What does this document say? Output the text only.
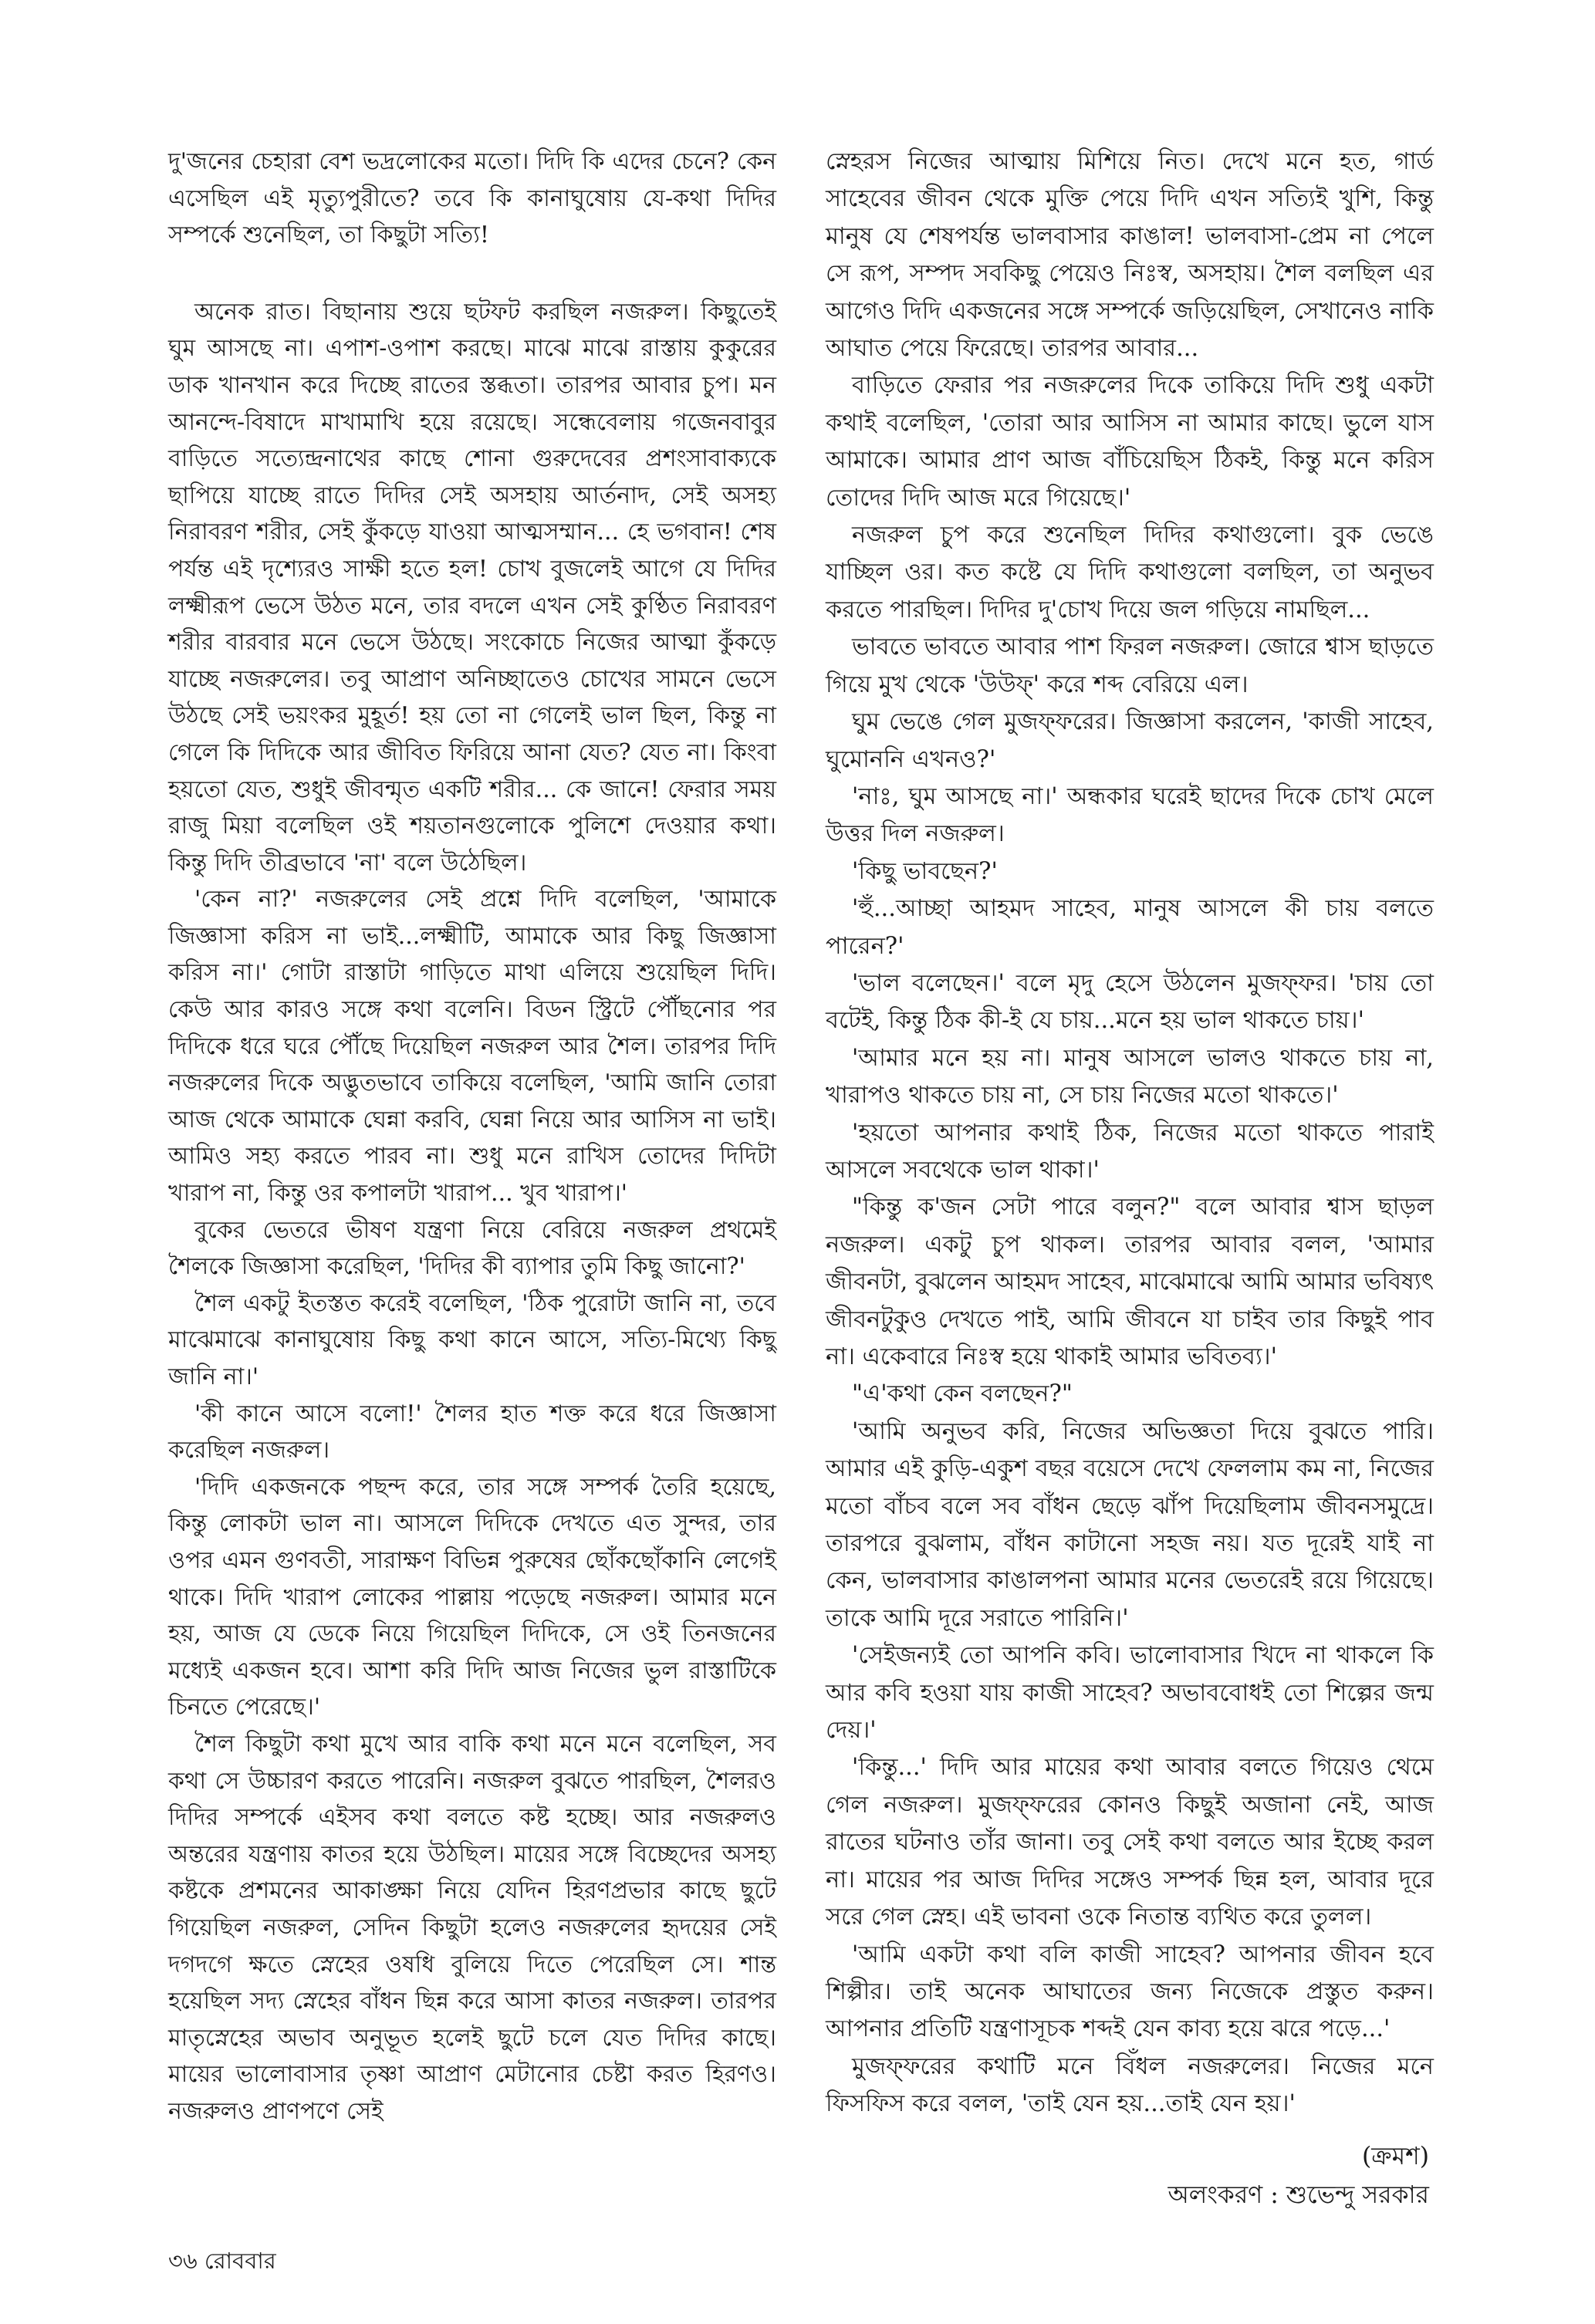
দু'জনের চেহারা বেশ ভদ্রলোকের মতো। দিদি কি এদের চেনে? কেন এসেছিল এই মৃত্যুপুরীতে? তবে কি কানাঘুষোয় যে-কথা দিদির সম্পর্কে শুনেছিল, তা কিছুটা সত্যি!

অনেক রাত। বিছানায় শুয়ে ছটফট করছিল নজরুল। কিছুতেই ঘুম আসছে না। এপাশ-ওপাশ করছে। মাঝে মাঝে রাস্তায় কুকুরের ডাক খানখান করে দিচ্ছে রাতের স্তব্ধতা। তারপর আবার চুপ। মন আনন্দে-বিষাদে মাখামাখি হয়ে রয়েছে। সন্ধেবেলায় গজেনবাবুর বাড়িতে সত্যেন্দ্রনাথের কাছে শোনা গুরুদেবের প্রশংসাবাক্যকে ছাপিয়ে যাচ্ছে রাতে দিদির সেই অসহায় আর্তনাদ, সেই অসহ্য নিরাবরণ শরীর, সেই কুঁকড়ে যাওয়া আত্মসম্মান... হে ভগবান! শেষ পর্যন্ত এই দৃশ্যেরও সাক্ষী হতে হল! চোখ বুজলেই আগে যে দিদির লক্ষ্মীরূপ ভেসে উঠত মনে, তার বদলে এখন সেই কুণ্ঠিত নিরাবরণ শরীর বারবার মনে ভেসে উঠছে। সংকোচে নিজের আত্মা কুঁকড়ে যাচ্ছে নজরুলের। তবু আপ্রাণ অনিচ্ছাতেও চোখের সামনে ভেসে উঠছে সেই ভয়ংকর মুহূর্ত! হয় তো না গেলেই ভাল ছিল, কিন্তু না গেলে কি দিদিকে আর জীবিত ফিরিয়ে আনা যেত? যেত না। কিংবা হয়তো যেত, শুধুই জীবন্মৃত একটি শরীর... কে জানে! ফেরার সময় রাজু মিয়া বলেছিল ওই শয়তানগুলোকে পুলিশে দেওয়ার কথা। কিন্তু দিদি তীব্রভাবে 'না' বলে উঠেছিল।

'কেন না?' নজরুলের সেই প্রশ্নে দিদি বলেছিল, 'আমাকে জিজ্ঞাসা করিস না ভাই...লক্ষ্মীটি, আমাকে আর কিছু জিজ্ঞাসা করিস না।' গোটা রাস্তাটা গাড়িতে মাথা এলিয়ে শুয়েছিল দিদি। কেউ আর কারও সঙ্গে কথা বলেনি। বিডন স্ট্রিটে পৌঁছনোর পর দিদিকে ধরে ঘরে পৌঁছে দিয়েছিল নজরুল আর শৈল। তারপর দিদি নজরুলের দিকে অদ্ভুতভাবে তাকিয়ে বলেছিল, 'আমি জানি তোরা আজ থেকে আমাকে ঘেন্না করবি, ঘেন্না নিয়ে আর আসিস না ভাই। আমিও সহ্য করতে পারব না। শুধু মনে রাখিস তোদের দিদিটা খারাপ না, কিন্তু ওর কপালটা খারাপ... খুব খারাপ।'

বুকের ভেতরে ভীষণ যন্ত্রণা নিয়ে বেরিয়ে নজরুল প্রথমেই শৈলকে জিজ্ঞাসা করেছিল, 'দিদির কী ব্যাপার তুমি কিছু জানো?'

শৈল একটু ইতস্তত করেই বলেছিল, 'ঠিক পুরোটা জানি না, তবে মাঝেমাঝে কানাঘুষোয় কিছু কথা কানে আসে, সত্যি-মিথ্যে কিছু জানি না।'

'কী কানে আসে বলো!' শৈলর হাত শক্ত করে ধরে জিজ্ঞাসা করেছিল নজরুল।

'দিদি একজনকে পছন্দ করে, তার সঙ্গে সম্পর্ক তৈরি হয়েছে, কিন্তু লোকটা ভাল না। আসলে দিদিকে দেখতে এত সুন্দর, তার ওপর এমন গুণবতী, সারাক্ষণ বিভিন্ন পুরুষের ছোঁকছোঁকানি লেগেই থাকে। দিদি খারাপ লোকের পাল্লায় পড়েছে নজরুল। আমার মনে হয়, আজ যে ডেকে নিয়ে গিয়েছিল দিদিকে, সে ওই তিনজনের মধ্যেই একজন হবে। আশা করি দিদি আজ নিজের ভুল রাস্তাটিকে চিনতে পেরেছে।'

শৈল কিছুটা কথা মুখে আর বাকি কথা মনে মনে বলেছিল, সব কথা সে উচ্চারণ করতে পারেনি। নজরুল বুঝতে পারছিল, শৈলরও দিদির সম্পর্কে এইসব কথা বলতে কষ্ট হচ্ছে। আর নজরুলও অন্তরের যন্ত্রণায় কাতর হয়ে উঠছিল। মায়ের সঙ্গে বিচ্ছেদের অসহ্য কষ্টকে প্রশমনের আকাঙ্ক্ষা নিয়ে যেদিন হিরণপ্রভার কাছে ছুটে গিয়েছিল নজরুল, সেদিন কিছুটা হলেও নজরুলের হৃদয়ের সেই দগদগে ক্ষতে স্নেহের ওষধি বুলিয়ে দিতে পেরেছিল সে। শান্ত হয়েছিল সদ্য স্নেহের বাঁধন ছিন্ন করে আসা কাতর নজরুল। তারপর মাতৃস্নেহের অভাব অনুভূত হলেই ছুটে চলে যেত দিদির কাছে। মায়ের ভালোবাসার তৃষ্ণা আপ্রাণ মেটানোর চেষ্টা করত হিরণও। নজরুলও প্রাণপণে সেই

স্নেহরস নিজের আত্মায় মিশিয়ে নিত। দেখে মনে হত, গার্ড সাহেবের জীবন থেকে মুক্তি পেয়ে দিদি এখন সত্যিই খুশি, কিন্তু মানুষ যে শেষপর্যন্ত ভালবাসার কাঙাল! ভালবাসা-প্রেম না পেলে সে রূপ, সম্পদ সবকিছু পেয়েও নিঃস্ব, অসহায়। শৈল বলছিল এর আগেও দিদি একজনের সঙ্গে সম্পর্কে জড়িয়েছিল, সেখানেও নাকি আঘাত পেয়ে ফিরেছে। তারপর আবার...

বাড়িতে ফেরার পর নজরুলের দিকে তাকিয়ে দিদি শুধু একটা কথাই বলেছিল, 'তোরা আর আসিস না আমার কাছে। ভুলে যাস আমাকে। আমার প্রাণ আজ বাঁচিয়েছিস ঠিকই, কিন্তু মনে করিস তোদের দিদি আজ মরে গিয়েছে।'

নজরুল চুপ করে শুনেছিল দিদির কথাগুলো। বুক ভেঙে যাচ্ছিল ওর। কত কষ্টে যে দিদি কথাগুলো বলছিল, তা অনুভব করতে পারছিল। দিদির দু'চোখ দিয়ে জল গড়িয়ে নামছিল...

ভাবতে ভাবতে আবার পাশ ফিরল নজরুল। জোরে শ্বাস ছাড়তে গিয়ে মুখ থেকে 'উউফ্' করে শব্দ বেরিয়ে এল।

ঘুম ভেঙে গেল মুজফ্ফরের। জিজ্ঞাসা করলেন, 'কাজী সাহেব, ঘুমোননি এখনও?'

'নাঃ, ঘুম আসছে না।' অন্ধকার ঘরেই ছাদের দিকে চোখ মেলে উত্তর দিল নজরুল।

'কিছু ভাবছেন?'

'হুঁ...আচ্ছা আহমদ সাহেব, মানুষ আসলে কী চায় বলতে পারেন?'

'ভাল বলেছেন।' বলে মৃদু হেসে উঠলেন মুজফ্ফর। 'চায় তো বটেই, কিন্তু ঠিক কী-ই যে চায়...মনে হয় ভাল থাকতে চায়।'

'আমার মনে হয় না। মানুষ আসলে ভালও থাকতে চায় না, খারাপও থাকতে চায় না, সে চায় নিজের মতো থাকতে।'

'হয়তো আপনার কথাই ঠিক, নিজের মতো থাকতে পারাই আসলে সবথেকে ভাল থাকা।'

"কিন্তু ক'জন সেটা পারে বলুন?" বলে আবার শ্বাস ছাড়ল নজরুল। একটু চুপ থাকল। তারপর আবার বলল, 'আমার জীবনটা, বুঝলেন আহমদ সাহেব, মাঝেমাঝে আমি আমার ভবিষ্যৎ জীবনটুকুও দেখতে পাই, আমি জীবনে যা চাইব তার কিছুই পাব না। একেবারে নিঃস্ব হয়ে থাকাই আমার ভবিতব্য।'

"এ'কথা কেন বলছেন?"

'আমি অনুভব করি, নিজের অভিজ্ঞতা দিয়ে বুঝতে পারি। আমার এই কুড়ি-একুশ বছর বয়েসে দেখে ফেললাম কম না, নিজের মতো বাঁচব বলে সব বাঁধন ছেড়ে ঝাঁপ দিয়েছিলাম জীবনসমুদ্রে। তারপরে বুঝলাম, বাঁধন কাটানো সহজ নয়। যত দূরেই যাই না কেন, ভালবাসার কাঙালপনা আমার মনের ভেতরেই রয়ে গিয়েছে। তাকে আমি দূরে সরাতে পারিনি।'

'সেইজন্যই তো আপনি কবি। ভালোবাসার খিদে না থাকলে কি আর কবি হওয়া যায় কাজী সাহেব? অভাববোধই তো শিল্পের জন্ম দেয়।'

'কিন্তু...' দিদি আর মায়ের কথা আবার বলতে গিয়েও থেমে গেল নজরুল। মুজফ্ফরের কোনও কিছুই অজানা নেই, আজ রাতের ঘটনাও তাঁর জানা। তবু সেই কথা বলতে আর ইচ্ছে করল না। মায়ের পর আজ দিদির সঙ্গেও সম্পর্ক ছিন্ন হল, আবার দূরে সরে গেল স্নেহ। এই ভাবনা ওকে নিতান্ত ব্যথিত করে তুলল।

'আমি একটা কথা বলি কাজী সাহেব? আপনার জীবন হবে শিল্পীর। তাই অনেক আঘাতের জন্য নিজেকে প্রস্তুত করুন। আপনার প্রতিটি যন্ত্রণাসূচক শব্দই যেন কাব্য হয়ে ঝরে পড়ে...'

মুজফ্ফরের কথাটি মনে বিঁধল নজরুলের। নিজের মনে ফিসফিস করে বলল, 'তাই যেন হয়...তাই যেন হয়।'

(ক্রমশ)
অলংকরণ : শুভেন্দু সরকার
৩৬ রোববার
